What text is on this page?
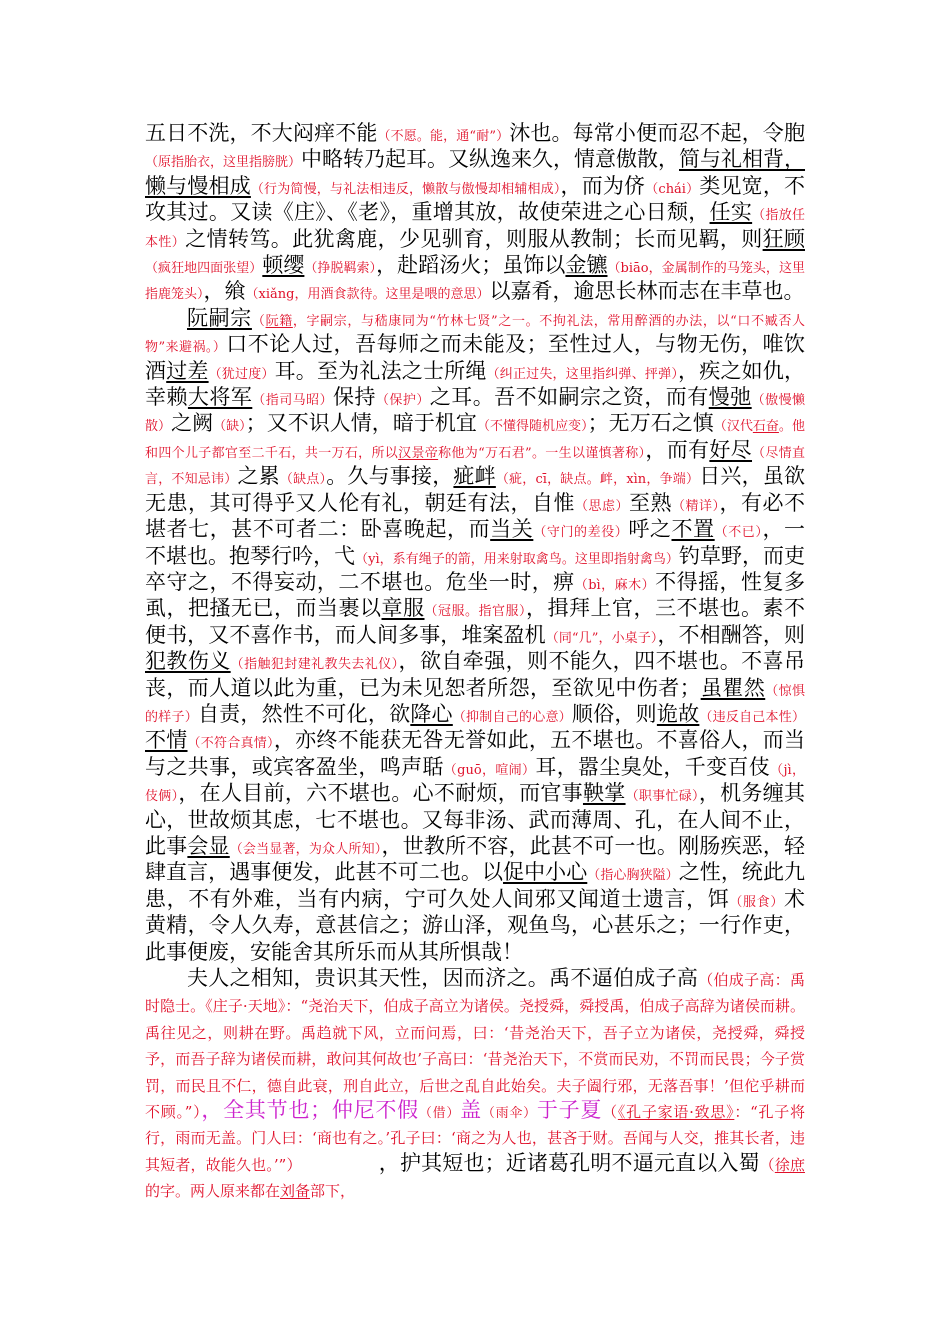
五日不洗，不大闷痒不能（不愿。能，通“耐”）沐也。每常小便而忍不起，令胞（原指胎衣，这里指膀胱）中略转乃起耳。又纵逸来久，情意傲散，简与礼相背，懒与慢相成（行为简慢，与礼法相违反，懒散与傲慢却相辅相成），而为侪（chái）类见宽，不攻其过。又读《庄》、《老》，重增其放，故使荣进之心日颓，任实（指放任本性）之情转笃。此犹禽鹿，少见驯育，则服从教制；长而见羁，则狂顾（疯狂地四面张望）顿缨（挣脱羁索），赴蹈汤火；虽饰以金镳（biāo，金属制作的马笼头，这里指鹿笼头），飨（xiǎng，用酒食款待。这里是喂的意思）以嘉肴，逾思长林而志在丰草也。

阮嗣宗（阮籍，字嗣宗，与嵇康同为“竹林七贤”之一。不拘礼法，常用醉酒的办法，以“口不臧否人物”来避祸。）口不论人过，吾每师之而未能及；至性过人，与物无伤，唯饮酒过差（犹过度）耳。至为礼法之士所绳（纠正过失，这里指纠弹、抨弹），疾之如仇，幸赖大将军（指司马昭）保持（保护）之耳。吾不如嗣宗之资，而有慢弛（傲慢懒散）之阙（缺）；又不识人情，暗于机宜（不懂得随机应变）；无万石之慎（汉代石奋。他和四个儿子都官至二千石，共一万石，所以汉景帝称他为“万石君”。一生以谨慎著称），而有好尽（尽情直言，不知忌讳）之累（缺点）。久与事接，疵衅（疵，cī，缺点。衅，xìn，争端）日兴，虽欲无患，其可得乎又人伦有礼，朝廷有法，自惟（思虑）至熟（精详），有必不堪者七，甚不可者二：卧喜晚起，而当关（守门的差役）呼之不置（不已），一不堪也。抱琴行吟，弋（yì，系有绳子的箭，用来射取禽鸟。这里即指射禽鸟）钓草野，而吏卒守之，不得妄动，二不堪也。危坐一时，痹（bì，麻木）不得摇，性复多虱，把搔无已，而当裹以章服（冠服。指官服），揖拜上官，三不堪也。素不便书，又不喜作书，而人间多事，堆案盈机（同“几”，小桌子），不相酬答，则犯教伤义（指触犯封建礼教失去礼仪），欲自牵强，则不能久，四不堪也。不喜吊丧，而人道以此为重，已为未见恕者所怨，至欲见中伤者；虽瞿然（惊惧的样子）自责，然性不可化，欲降心（抑制自己的心意）顺俗，则诡故（违反自己本性）不情（不符合真情），亦终不能获无咎无誉如此，五不堪也。不喜俗人，而当与之共事，或宾客盈坐，鸣声聒（guō，喧闹）耳，嚣尘臭处，千变百伎（jì，伎俩），在人目前，六不堪也。心不耐烦，而官事鞅掌（职事忙碌），机务缠其心，世故烦其虑，七不堪也。又每非汤、武而薄周、孔，在人间不止，此事会显（会当显著，为众人所知），世教所不容，此甚不可一也。刚肠疾恶，轻肆直言，遇事便发，此甚不可二也。以促中小心（指心胸狭隘）之性，统此九患，不有外难，当有内病，宁可久处人间邪又闻道士遗言，饵（服食）术黄精，令人久寿，意甚信之；游山泽，观鱼鸟，心甚乐之；一行作吏，此事便废，安能舍其所乐而从其所惧哉！

夫人之相知，贵识其天性，因而济之。禹不逼伯成子高（伯成子高：禹时隐士。《庄子·天地》：“尧治天下，伯成子高立为诸侯。尧授舜，舜授禹，伯成子高辞为诸侯而耕。禹往见之，则耕在野。禹趋就下风，立而问焉，曰：‘昔尧治天下，吾子立为诸侯，尧授舜，舜授予，而吾子辞为诸侯而耕，敢问其何故也’子高曰：‘昔尧治天下，不赏而民劝，不罚而民畏；今子赏罚，而民且不仁，德自此衰，刑自此立，后世之乱自此始矣。夫子阖行邪，无落吾事！’但佗乎耕而不顾。”），全其节也；仲尼不假（借）盖（雨伞）于子夏（《孔子家语·致思》：“孔子将行，雨而无盖。门人曰：‘商也有之。’孔子曰：‘商之为人也，甚吝于财。吾闻与人交，推其长者，违其短者，故能久也。’”）　　　　，护其短也；近诸葛孔明不逼元直以入蜀（徐庶的字。两人原来都在刘备部下，
